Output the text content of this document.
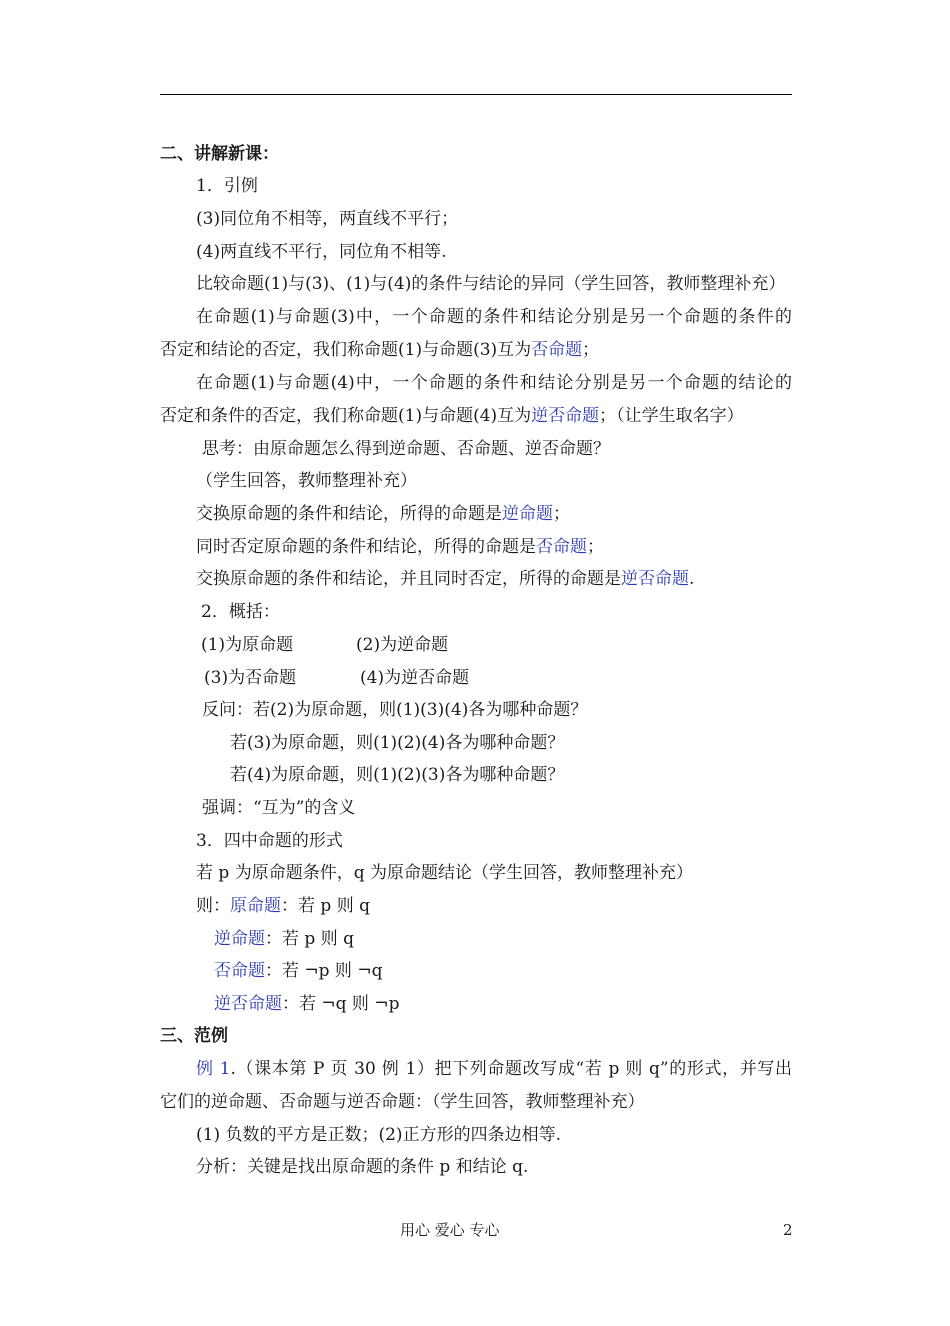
二、讲解新课：
1．引例
(3)同位角不相等，两直线不平行；
(4)两直线不平行，同位角不相等.
比较命题(1)与(3)、(1)与(4)的条件与结论的异同（学生回答，教师整理补充）
在命题(1)与命题(3)中，一个命题的条件和结论分别是另一个命题的条件的
否定和结论的否定，我们称命题(1)与命题(3)互为否命题；
在命题(1)与命题(4)中，一个命题的条件和结论分别是另一个命题的结论的
否定和条件的否定，我们称命题(1)与命题(4)互为逆否命题；（让学生取名字）
思考：由原命题怎么得到逆命题、否命题、逆否命题？
（学生回答，教师整理补充）
交换原命题的条件和结论，所得的命题是逆命题；
同时否定原命题的条件和结论，所得的命题是否命题；
交换原命题的条件和结论，并且同时否定，所得的命题是逆否命题.
2．概括：
(1)为原命题	(2)为逆命题
(3)为否命题	(4)为逆否命题
反问：若(2)为原命题，则(1)(3)(4)各为哪种命题？
若(3)为原命题，则(1)(2)(4)各为哪种命题？
若(4)为原命题，则(1)(2)(3)各为哪种命题？
强调：“互为”的含义
3．四中命题的形式
若 p 为原命题条件，q 为原命题结论（学生回答，教师整理补充）
则：原命题：若 p 则 q
逆命题：若 p 则 q
否命题：若 ¬p 则 ¬q
逆否命题：若 ¬q 则 ¬p
三、范例
例 1.（课本第 P 页 30 例 1）把下列命题改写成“若 p 则 q”的形式，并写出
它们的逆命题、否命题与逆否命题：（学生回答，教师整理补充）
(1) 负数的平方是正数；(2)正方形的四条边相等.
分析：关键是找出原命题的条件 p 和结论 q.
用心 爱心 专心	2
